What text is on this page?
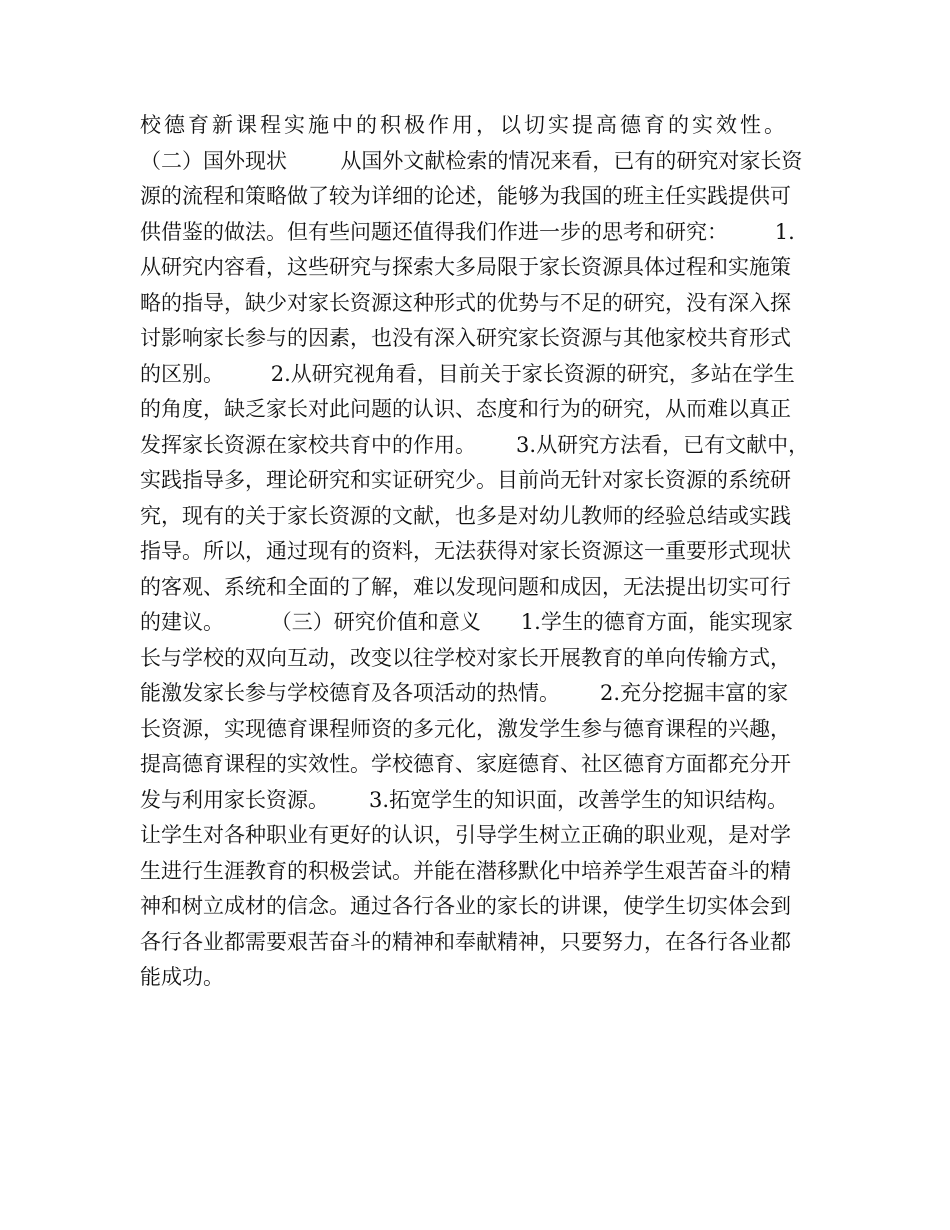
校德育新课程实施中的积极作用，以切实提高德育的实效性。
（二）国外现状        从国外文献检索的情况来看，已有的研究对家长资
源的流程和策略做了较为详细的论述，能够为我国的班主任实践提供可
供借鉴的做法。但有些问题还值得我们作进一步的思考和研究：       1.
从研究内容看，这些研究与探索大多局限于家长资源具体过程和实施策
略的指导，缺少对家长资源这种形式的优势与不足的研究，没有深入探
讨影响家长参与的因素，也没有深入研究家长资源与其他家校共育形式
的区别。       2.从研究视角看，目前关于家长资源的研究，多站在学生
的角度，缺乏家长对此问题的认识、态度和行为的研究，从而难以真正
发挥家长资源在家校共育中的作用。      3.从研究方法看，已有文献中，
实践指导多，理论研究和实证研究少。目前尚无针对家长资源的系统研
究，现有的关于家长资源的文献，也多是对幼儿教师的经验总结或实践
指导。所以，通过现有的资料，无法获得对家长资源这一重要形式现状
的客观、系统和全面的了解，难以发现问题和成因，无法提出切实可行
的建议。       （三）研究价值和意义      1.学生的德育方面，能实现家
长与学校的双向互动，改变以往学校对家长开展教育的单向传输方式，
能激发家长参与学校德育及各项活动的热情。      2.充分挖掘丰富的家
长资源，实现德育课程师资的多元化，激发学生参与德育课程的兴趣，
提高德育课程的实效性。学校德育、家庭德育、社区德育方面都充分开
发与利用家长资源。      3.拓宽学生的知识面，改善学生的知识结构。
让学生对各种职业有更好的认识，引导学生树立正确的职业观，是对学
生进行生涯教育的积极尝试。并能在潜移默化中培养学生艰苦奋斗的精
神和树立成材的信念。通过各行各业的家长的讲课，使学生切实体会到
各行各业都需要艰苦奋斗的精神和奉献精神，只要努力，在各行各业都
能成功。
